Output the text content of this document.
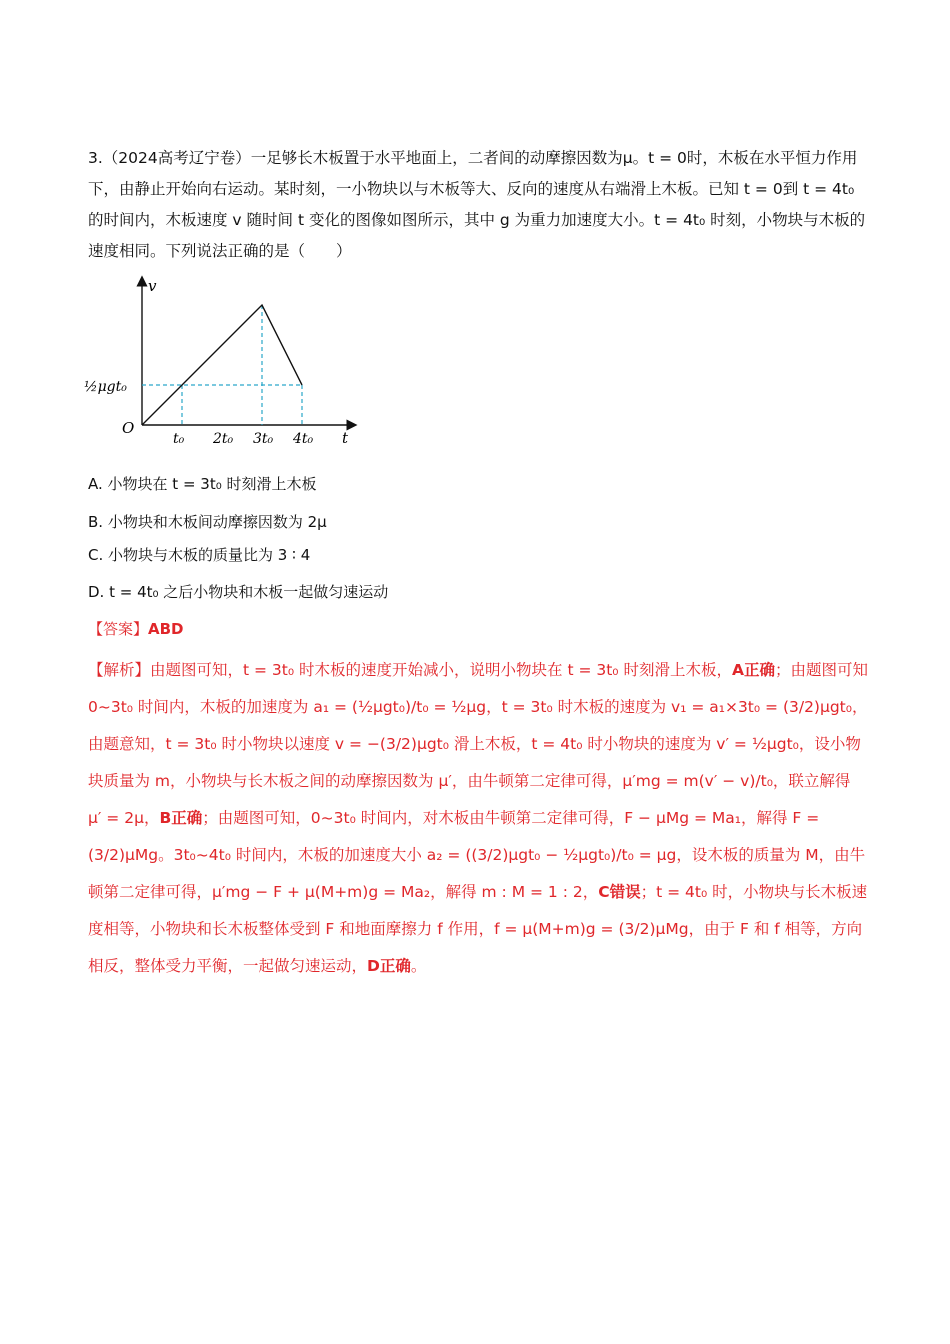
3.（2024高考辽宁卷）一足够长木板置于水平地面上，二者间的动摩擦因数为μ。t = 0时，木板在水平恒力作用下，由静止开始向右运动。某时刻，一小物块以与木板等大、反向的速度从右端滑上木板。已知 t = 0到 t = 4t₀ 的时间内，木板速度 v 随时间 t 变化的图像如图所示，其中 g 为重力加速度大小。t = 4t₀ 时刻，小物块与木板的速度相同。下列说法正确的是（　　）
v
t
O
½μgt₀
t₀ 2t₀ 3t₀ 4t₀
A. 小物块在 t = 3t₀ 时刻滑上木板
B. 小物块和木板间动摩擦因数为 2μ
C. 小物块与木板的质量比为 3 ∶ 4
D. t = 4t₀ 之后小物块和木板一起做匀速运动
【答案】ABD
【解析】由题图可知，t = 3t₀ 时木板的速度开始减小，说明小物块在 t = 3t₀ 时刻滑上木板，A正确；由题图可知 0~3t₀ 时间内，木板的加速度为 a₁ = (½μgt₀)/t₀ = ½μg，t = 3t₀ 时木板的速度为 v₁ = a₁×3t₀ = (3/2)μgt₀，由题意知，t = 3t₀ 时小物块以速度 v = −(3/2)μgt₀ 滑上木板，t = 4t₀ 时小物块的速度为 v′ = ½μgt₀，设小物块质量为 m，小物块与长木板之间的动摩擦因数为 μ′，由牛顿第二定律可得，μ′mg = m(v′ − v)/t₀，联立解得 μ′ = 2μ，B正确；由题图可知，0~3t₀ 时间内，对木板由牛顿第二定律可得，F − μMg = Ma₁，解得 F = (3/2)μMg。3t₀~4t₀ 时间内，木板的加速度大小 a₂ = ((3/2)μgt₀ − ½μgt₀)/t₀ = μg，设木板的质量为 M，由牛顿第二定律可得，μ′mg − F + μ(M+m)g = Ma₂，解得 m : M = 1 : 2，C错误；t = 4t₀ 时，小物块与长木板速度相等，小物块和长木板整体受到 F 和地面摩擦力 f 作用，f = μ(M+m)g = (3/2)μMg，由于 F 和 f 相等，方向相反，整体受力平衡，一起做匀速运动，D正确。
